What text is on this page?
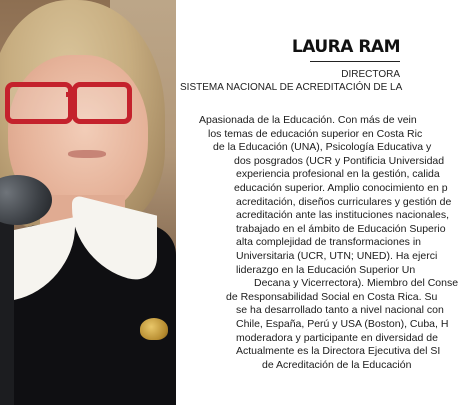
LAURA RAM
DIRECTORA
SISTEMA NACIONAL DE ACREDITACIÓN DE LA
Apasionada de la Educación. Con más de vein
los temas de educación superior en Costa Ric
de la Educación (UNA), Psicología Educativa y
dos posgrados (UCR y Pontificia Universidad
experiencia profesional en la gestión, calida
educación superior. Amplio conocimiento en p
acreditación, diseños curriculares y gestión de
acreditación ante las instituciones nacionales,
trabajado en el ámbito de Educación Superio
alta complejidad de transformaciones in
Universitaria (UCR, UTN; UNED). Ha ejerci
liderazgo en la Educación Superior Un
Decana y Vicerrectora). Miembro del Conse
de Responsabilidad Social en Costa Rica. Su
se ha desarrollado tanto a nivel nacional con
Chile, España, Perú y USA (Boston), Cuba, H
moderadora y participante en diversidad de
Actualmente es la Directora Ejecutiva del SI
de Acreditación de la Educación
